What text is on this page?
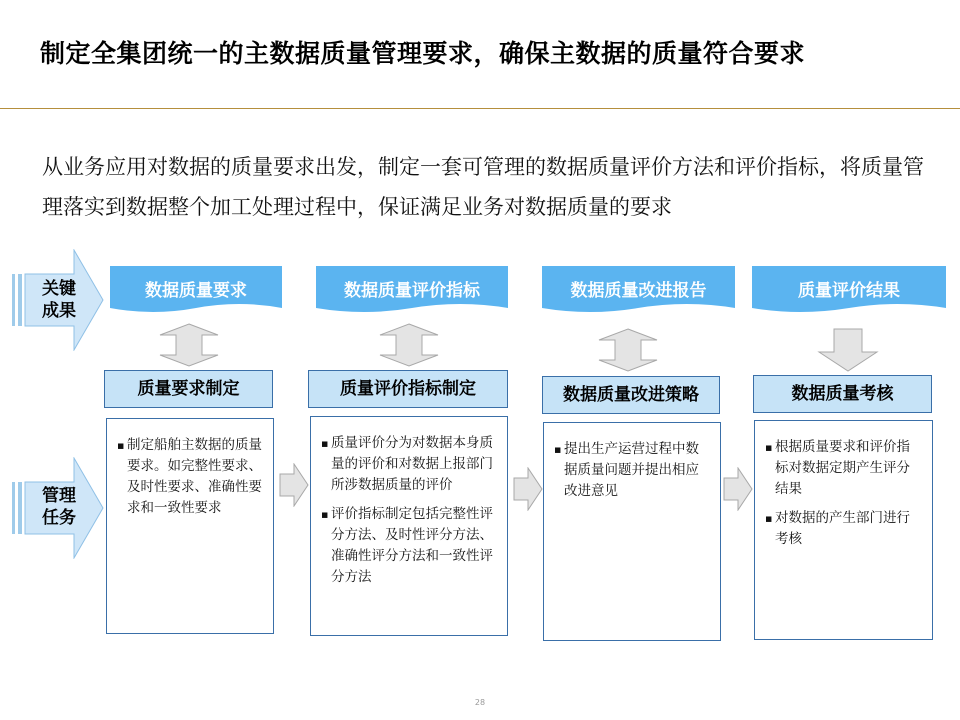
制定全集团统一的主数据质量管理要求，确保主数据的质量符合要求
从业务应用对数据的质量要求出发，制定一套可管理的数据质量评价方法和评价指标，将质量管理落实到数据整个加工处理过程中，保证满足业务对数据质量的要求
关键成果
管理任务
数据质量要求	数据质量评价指标	数据质量改进报告	质量评价结果
质量要求制定	质量评价指标制定	数据质量改进策略	数据质量考核
▪ 制定船舶主数据的质量要求。如完整性要求、及时性要求、准确性要求和一致性要求
▪ 质量评价分为对数据本身质量的评价和对数据上报部门所涉数据质量的评价
▪ 评价指标制定包括完整性评分方法、及时性评分方法、准确性评分方法和一致性评分方法
▪ 提出生产运营过程中数据质量问题并提出相应改进意见
▪ 根据质量要求和评价指标对数据定期产生评分结果
▪ 对数据的产生部门进行考核
28
